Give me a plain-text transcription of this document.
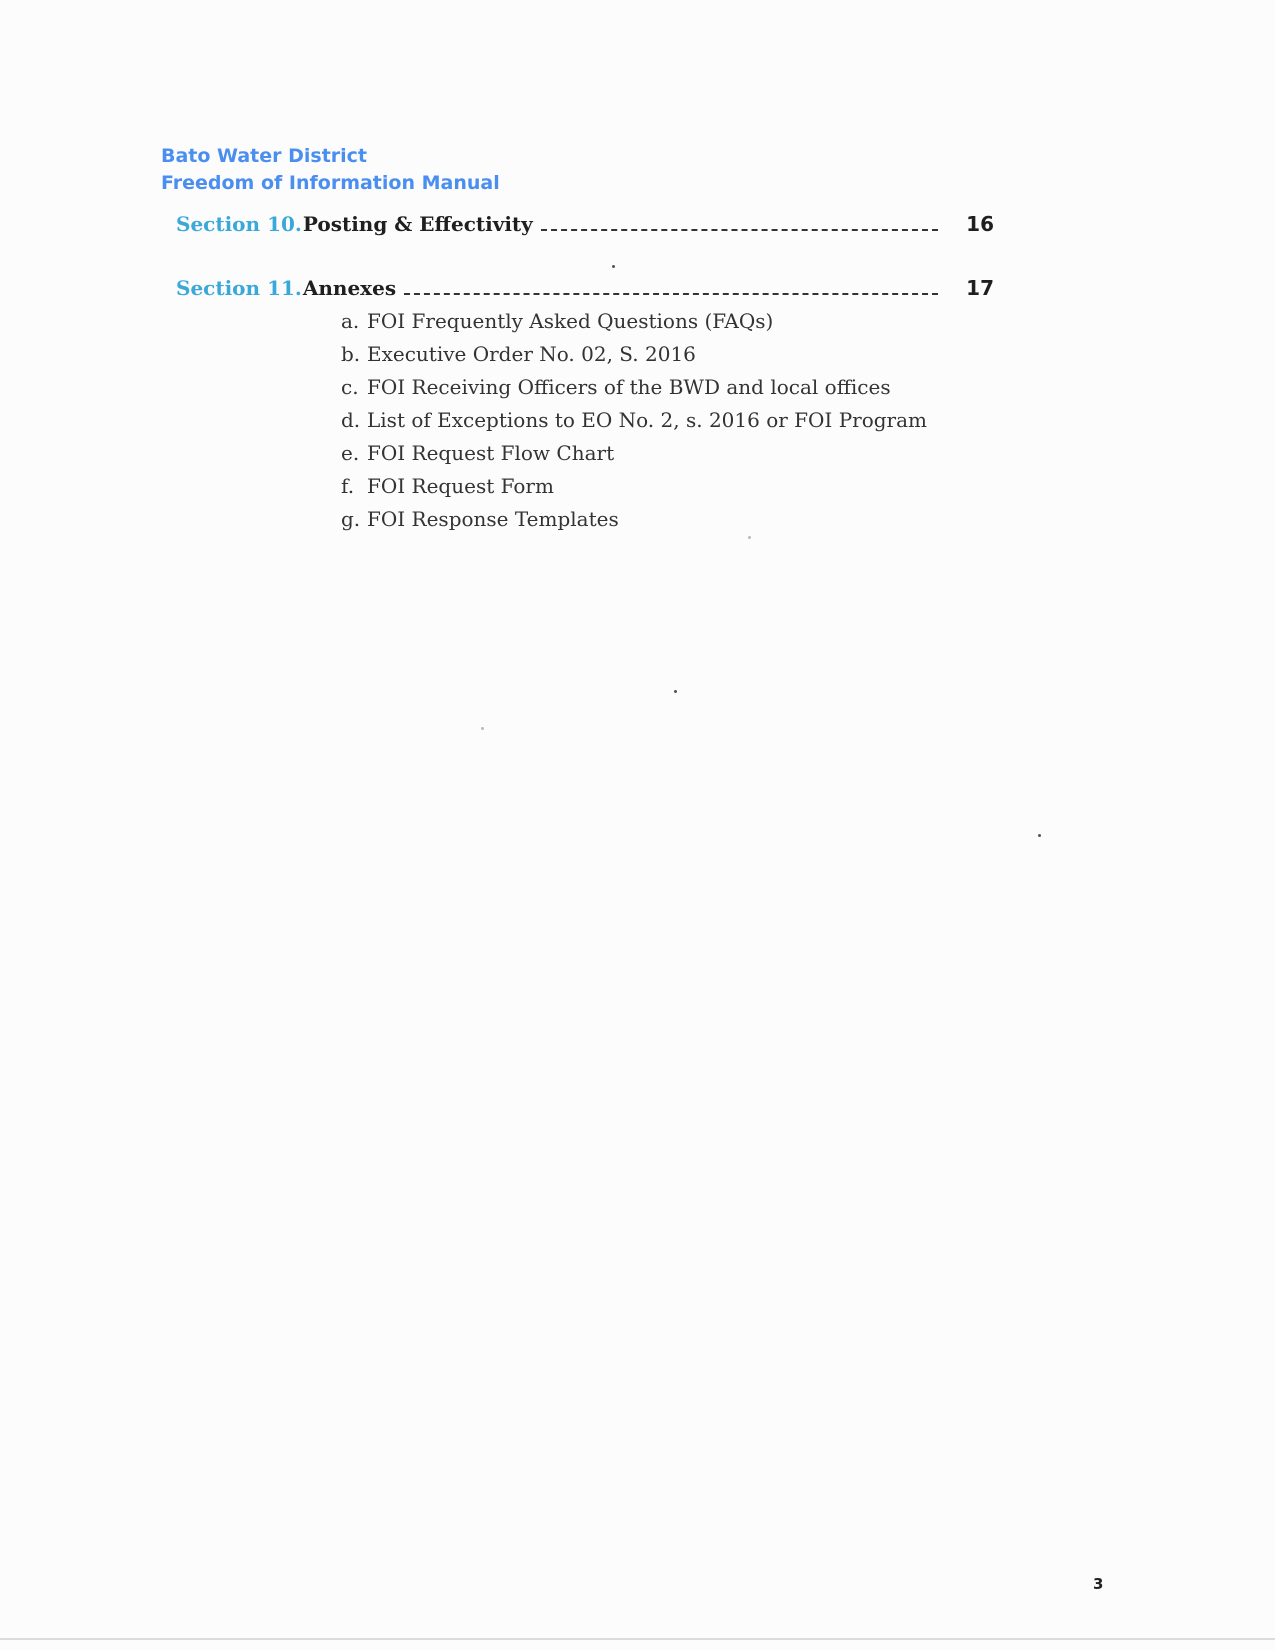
Bato Water District
Freedom of Information Manual
Section 10. Posting & Effectivity	16
Section 11. Annexes	17
a. FOI Frequently Asked Questions (FAQs)
b. Executive Order No. 02, S. 2016
c. FOI Receiving Officers of the BWD and local offices
d. List of Exceptions to EO No. 2, s. 2016 or FOI Program
e. FOI Request Flow Chart
f. FOI Request Form
g. FOI Response Templates
3
